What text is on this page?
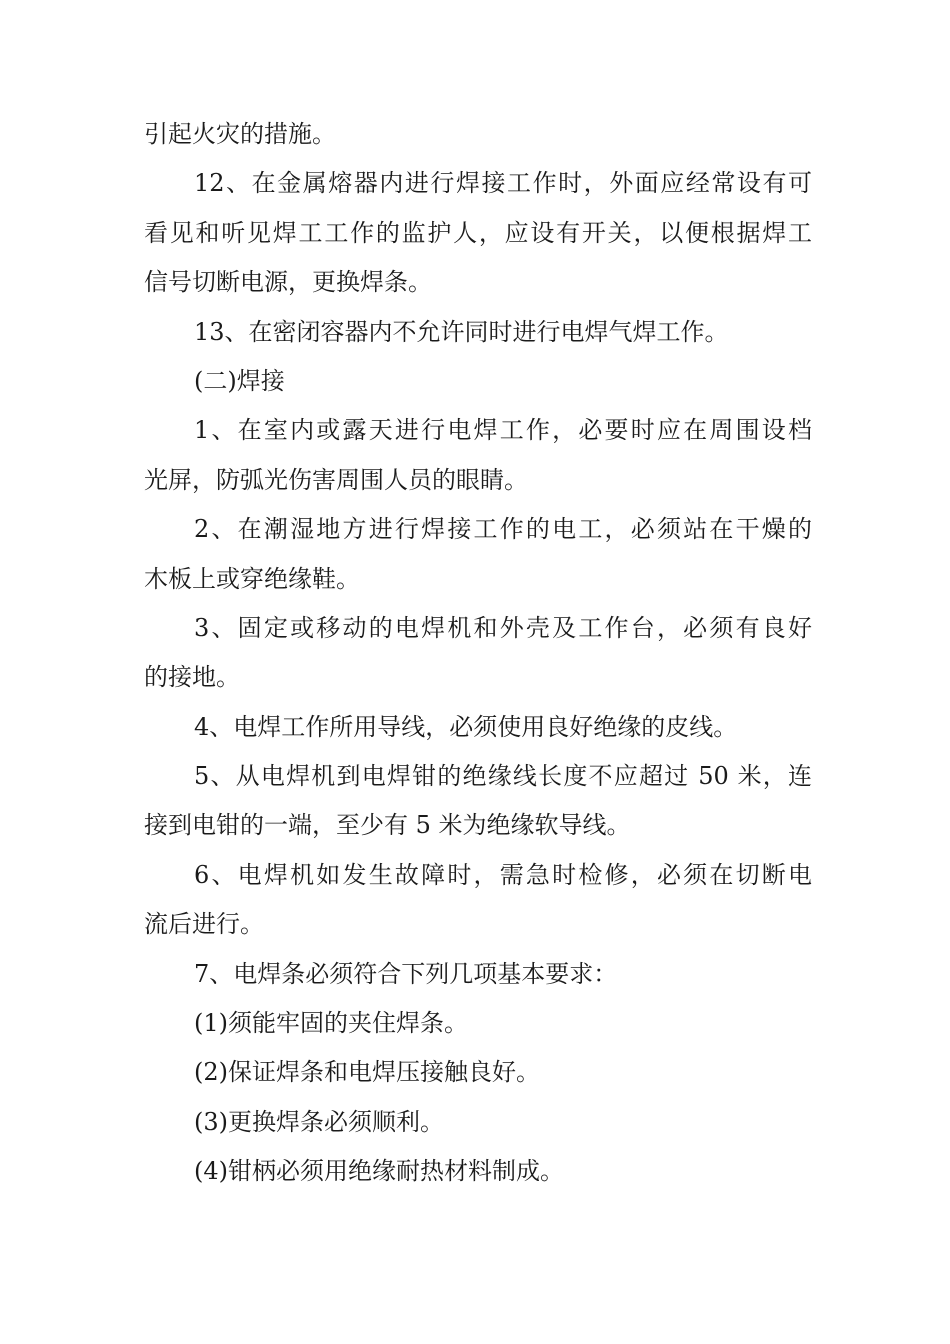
引起火灾的措施。
12、在金属熔器内进行焊接工作时，外面应经常设有可
看见和听见焊工工作的监护人，应设有开关，以便根据焊工
信号切断电源，更换焊条。
13、在密闭容器内不允许同时进行电焊气焊工作。
(二)焊接
1、在室内或露天进行电焊工作，必要时应在周围设档
光屏，防弧光伤害周围人员的眼睛。
2、在潮湿地方进行焊接工作的电工，必须站在干燥的
木板上或穿绝缘鞋。
3、固定或移动的电焊机和外壳及工作台，必须有良好
的接地。
4、电焊工作所用导线，必须使用良好绝缘的皮线。
5、从电焊机到电焊钳的绝缘线长度不应超过 50 米，连
接到电钳的一端，至少有 5 米为绝缘软导线。
6、电焊机如发生故障时，需急时检修，必须在切断电
流后进行。
7、电焊条必须符合下列几项基本要求：
(1)须能牢固的夹住焊条。
(2)保证焊条和电焊压接触良好。
(3)更换焊条必须顺利。
(4)钳柄必须用绝缘耐热材料制成。
